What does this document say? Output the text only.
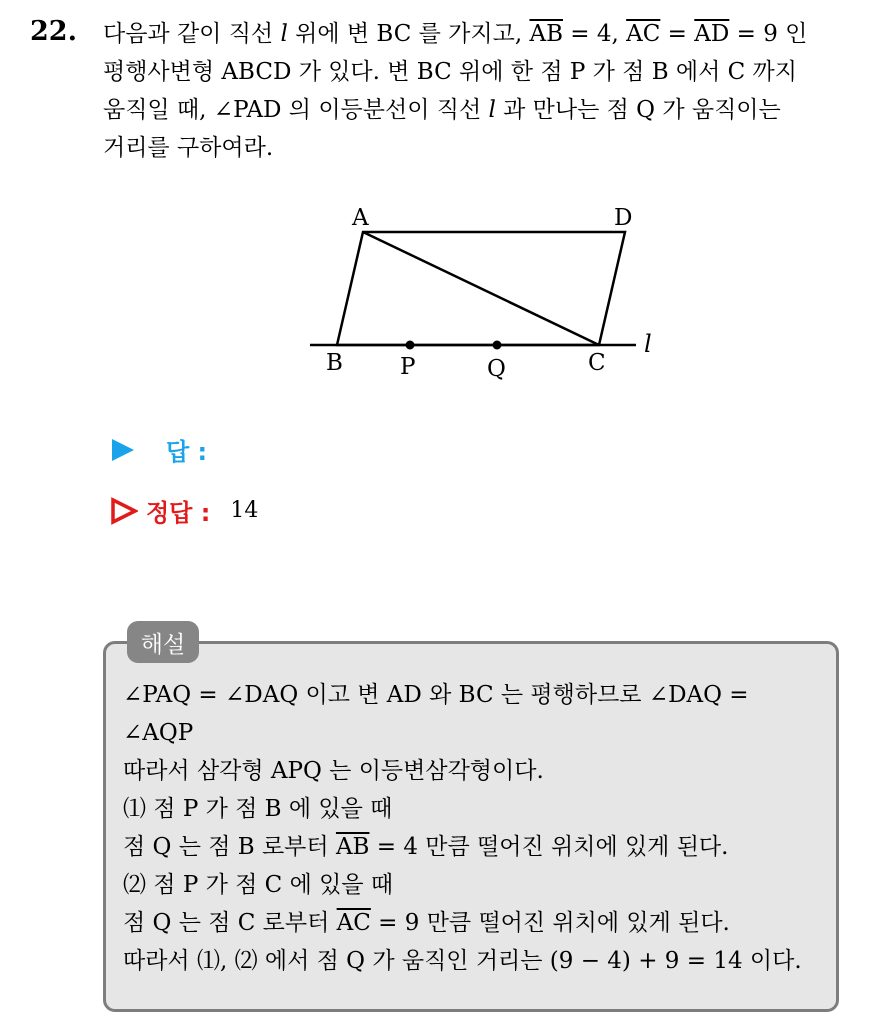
22. 다음과 같이 직선 l 위에 변 BC 를 가지고, $\overline{AB} = 4$, $\overline{AC} = \overline{AD} = 9$ 인
평행사변형 ABCD 가 있다. 변 BC 위에 한 점 P 가 점 B 에서 C 까지
움직일 때, ∠PAD 의 이등분선이 직선 l 과 만나는 점 Q 가 움직이는
거리를 구하여라.
A	D
B P	Q	C
l
답 :
정답 : 14
해설
∠PAQ = ∠DAQ 이고 변 AD 와 BC 는 평행하므로 ∠DAQ =
∠AQP
따라서 삼각형 APQ 는 이등변삼각형이다.
⑴ 점 P 가 점 B 에 있을 때
점 Q 는 점 B 로부터 $\overline{AB} = 4$ 만큼 떨어진 위치에 있게 된다.
⑵ 점 P 가 점 C 에 있을 때
점 Q 는 점 C 로부터 $\overline{AC} = 9$ 만큼 떨어진 위치에 있게 된다.
따라서 ⑴, ⑵ 에서 점 Q 가 움직인 거리는 (9 − 4) + 9 = 14 이다.
